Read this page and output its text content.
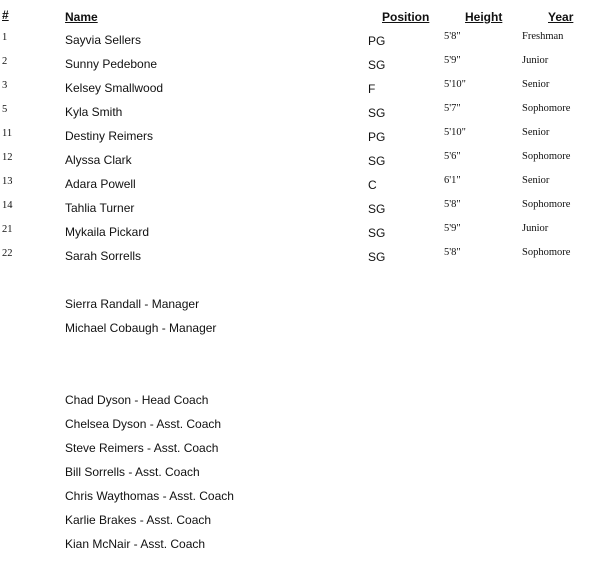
#	Name	Position	Height	Year
1	Sayvia Sellers	PG	5'8"	Freshman
2	Sunny Pedebone	SG	5'9"	Junior
3	Kelsey Smallwood	F	5'10"	Senior
5	Kyla Smith	SG	5'7"	Sophomore
11	Destiny Reimers	PG	5'10"	Senior
12	Alyssa Clark	SG	5'6"	Sophomore
13	Adara Powell	C	6'1"	Senior
14	Tahlia Turner	SG	5'8"	Sophomore
21	Mykaila Pickard	SG	5'9"	Junior
22	Sarah Sorrells	SG	5'8"	Sophomore
Sierra Randall - Manager
Michael Cobaugh - Manager
Chad Dyson - Head Coach
Chelsea Dyson - Asst. Coach
Steve Reimers - Asst. Coach
Bill Sorrells - Asst. Coach
Chris Waythomas - Asst. Coach
Karlie Brakes - Asst. Coach
Kian McNair - Asst. Coach
